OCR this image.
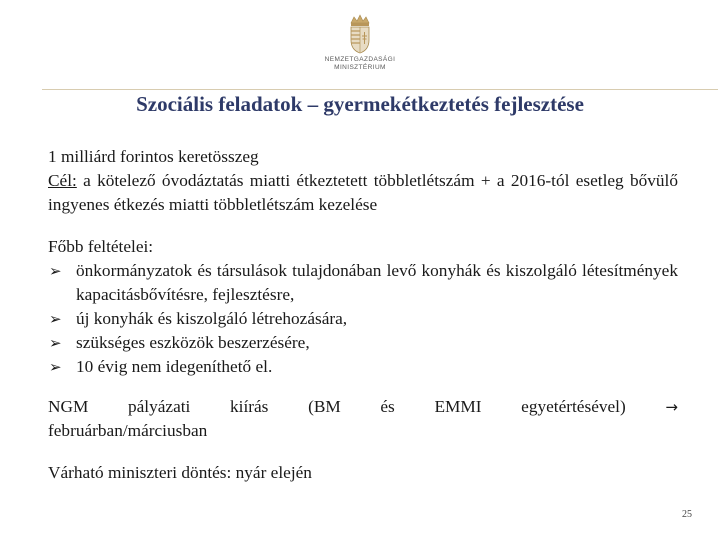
NEMZETGAZDASÁGI
MINISZTÉRIUM
Szociális feladatok – gyermekétkeztetés fejlesztése

1 milliárd forintos keretösszeg

Cél: a kötelező óvodáztatás miatti étkeztetett többletlétszám + a 2016-tól esetleg bővülő ingyenes étkezés miatti többletlétszám kezelése

Főbb feltételei:

➢ önkormányzatok és társulások tulajdonában levő konyhák és kiszolgáló létesítmények kapacitásbővítésre, fejlesztésre,
➢ új konyhák és kiszolgáló létrehozására,
➢ szükséges eszközök beszerzésére,
➢ 10 évig nem idegeníthető el.
NGM pályázati kiírás (BM és EMMI egyetértésével)	→

februárban/márciusban

Várható miniszteri döntés: nyár elején

25
